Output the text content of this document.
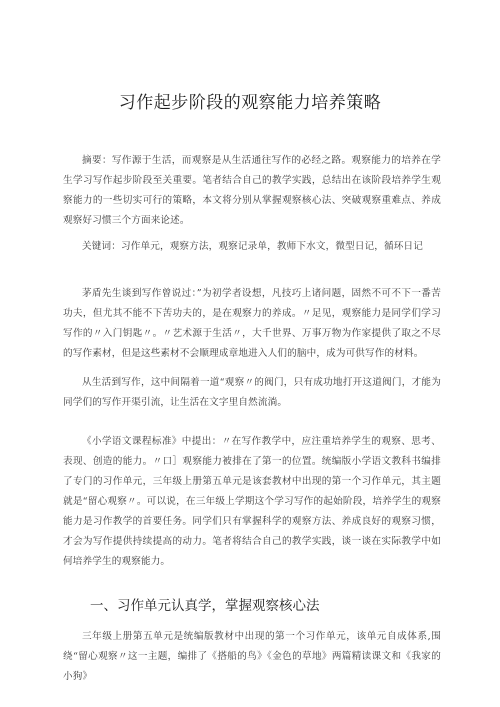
习作起步阶段的观察能力培养策略
摘要：写作源于生活，而观察是从生活通往写作的必经之路。观察能力的培养在学生学习写作起步阶段至关重要。笔者结合自己的教学实践，总结出在该阶段培养学生观察能力的一些切实可行的策略，本文将分别从掌握观察核心法、突破观察重难点、养成观察好习惯三个方面来论述。
关键词：习作单元，观察方法，观察记录单，教师下水文，微型日记，循环日记
茅盾先生谈到写作曾说过：”为初学者设想，凡技巧上诸问题，固然不可不下一番苦功夫，但尤其不能不下苦功夫的，是在观察力的养成。〃足见，观察能力是同学们学习写作的〃入门钥匙〃。〃艺术源于生活〃，大千世界、万事万物为作家提供了取之不尽的写作素材，但是这些素材不会顺理成章地进入人们的脑中，成为可供写作的材料。
从生活到写作，这中间隔着一道“观察〃的阀门，只有成功地打开这道阀门，才能为同学们的写作开渠引流，让生活在文字里自然流淌。
《小学语文课程标准》中提出：〃在写作教学中，应注重培养学生的观察、思考、表现、创造的能力。〃口］观察能力被排在了第一的位置。统编版小学语文教科书编排了专门的习作单元，三年级上册第五单元是该套教材中出现的第一个习作单元，其主题就是“留心观察〃。可以说，在三年级上学期这个学习写作的起始阶段，培养学生的观察能力是习作教学的首要任务。同学们只有掌握科学的观察方法、养成良好的观察习惯，才会为写作提供持续提高的动力。笔者将结合自己的教学实践，谈一谈在实际教学中如何培养学生的观察能力。
一、习作单元认真学，掌握观察核心法
三年级上册第五单元是统编版教材中出现的第一个习作单元，该单元自成体系,围绕“留心观察〃这一主题，编排了《搭船的鸟》《金色的草地》两篇精读课文和《我家的小狗》
